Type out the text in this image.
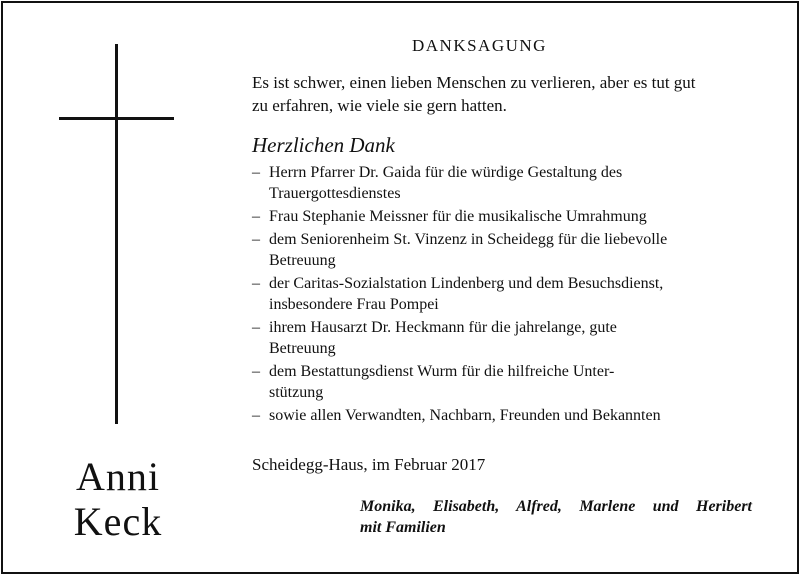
Anni
Keck
DANKSAGUNG
Es ist schwer, einen lieben Menschen zu verlieren, aber es tut gut
zu erfahren, wie viele sie gern hatten.
Herzlichen Dank
– Herrn Pfarrer Dr. Gaida für die würdige Gestaltung des
Trauergottesdienstes
– Frau Stephanie Meissner für die musikalische Umrahmung
– dem Seniorenheim St. Vinzenz in Scheidegg für die liebevolle
Betreuung
– der Caritas-Sozialstation Lindenberg und dem Besuchsdienst,
insbesondere Frau Pompei
– ihrem Hausarzt Dr. Heckmann für die jahrelange, gute
Betreuung
– dem Bestattungsdienst Wurm für die hilfreiche Unter-
stützung
– sowie allen Verwandten, Nachbarn, Freunden und Bekannten
Scheidegg-Haus, im Februar 2017
Monika, Elisabeth, Alfred, Marlene und Heribert
mit Familien
